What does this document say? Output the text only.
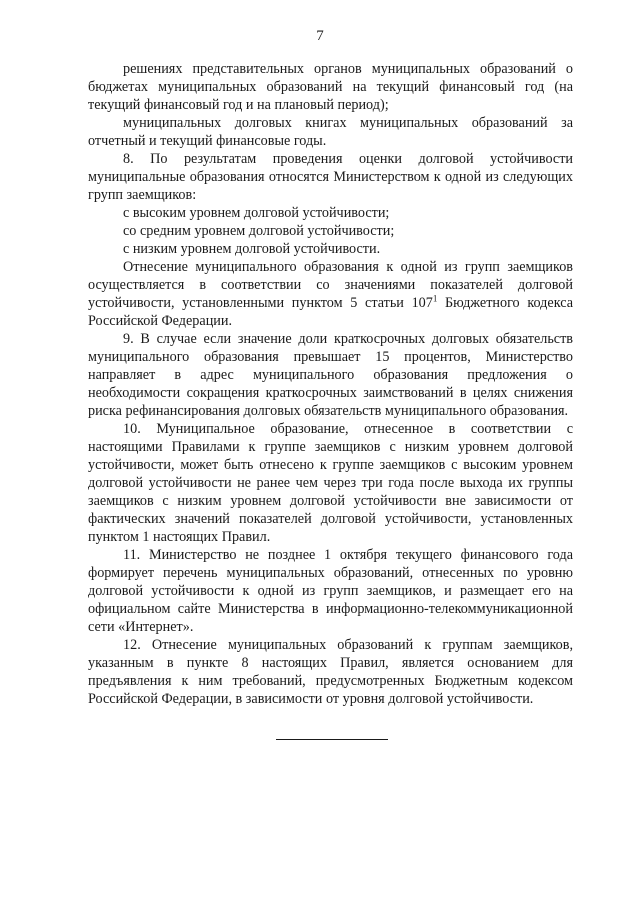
7

решениях представительных органов муниципальных образований о бюджетах муниципальных образований на текущий финансовый год (на текущий финансовый год и на плановый период);

муниципальных долговых книгах муниципальных образований за отчетный и текущий финансовые годы.

8. По результатам проведения оценки долговой устойчивости муниципальные образования относятся Министерством к одной из следующих групп заемщиков:

с высоким уровнем долговой устойчивости;

со средним уровнем долговой устойчивости;

с низким уровнем долговой устойчивости.

Отнесение муниципального образования к одной из групп заемщиков осуществляется в соответствии со значениями показателей долговой устойчивости, установленными пунктом 5 статьи $107^1$ Бюджетного кодекса Российской Федерации.

9. В случае если значение доли краткосрочных долговых обязательств муниципального образования превышает 15 процентов, Министерство направляет в адрес муниципального образования предложения о необходимости сокращения краткосрочных заимствований в целях снижения риска рефинансирования долговых обязательств муниципального образования.

10. Муниципальное образование, отнесенное в соответствии с настоящими Правилами к группе заемщиков с низким уровнем долговой устойчивости, может быть отнесено к группе заемщиков с высоким уровнем долговой устойчивости не ранее чем через три года после выхода их группы заемщиков с низким уровнем долговой устойчивости вне зависимости от фактических значений показателей долговой устойчивости, установленных пунктом 1 настоящих Правил.

11. Министерство не позднее 1 октября текущего финансового года формирует перечень муниципальных образований, отнесенных по уровню долговой устойчивости к одной из групп заемщиков, и размещает его на официальном сайте Министерства в информационно-телекоммуникационной сети «Интернет».

12. Отнесение муниципальных образований к группам заемщиков, указанным в пункте 8 настоящих Правил, является основанием для предъявления к ним требований, предусмотренных Бюджетным кодексом Российской Федерации, в зависимости от уровня долговой устойчивости.
